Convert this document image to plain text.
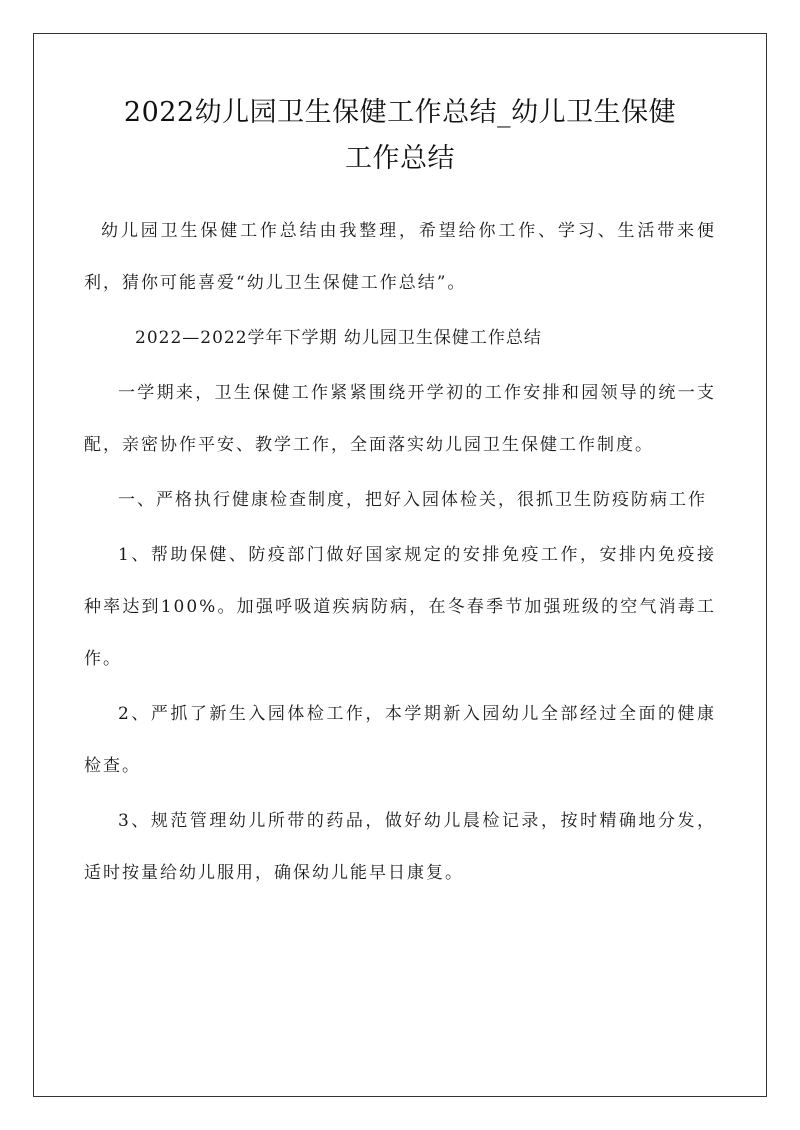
2022幼儿园卫生保健工作总结_幼儿卫生保健
工作总结

幼儿园卫生保健工作总结由我整理，希望给你工作、学习、生活带来便利，猜你可能喜爱“幼儿卫生保健工作总结”。

2022—2022学年下学期 幼儿园卫生保健工作总结

一学期来，卫生保健工作紧紧围绕开学初的工作安排和园领导的统一支配，亲密协作平安、教学工作，全面落实幼儿园卫生保健工作制度。

一、严格执行健康检查制度，把好入园体检关，很抓卫生防疫防病工作

1、帮助保健、防疫部门做好国家规定的安排免疫工作，安排内免疫接种率达到100%。加强呼吸道疾病防病，在冬春季节加强班级的空气消毒工作。

2、严抓了新生入园体检工作，本学期新入园幼儿全部经过全面的健康检查。

3、规范管理幼儿所带的药品，做好幼儿晨检记录，按时精确地分发，适时按量给幼儿服用，确保幼儿能早日康复。
